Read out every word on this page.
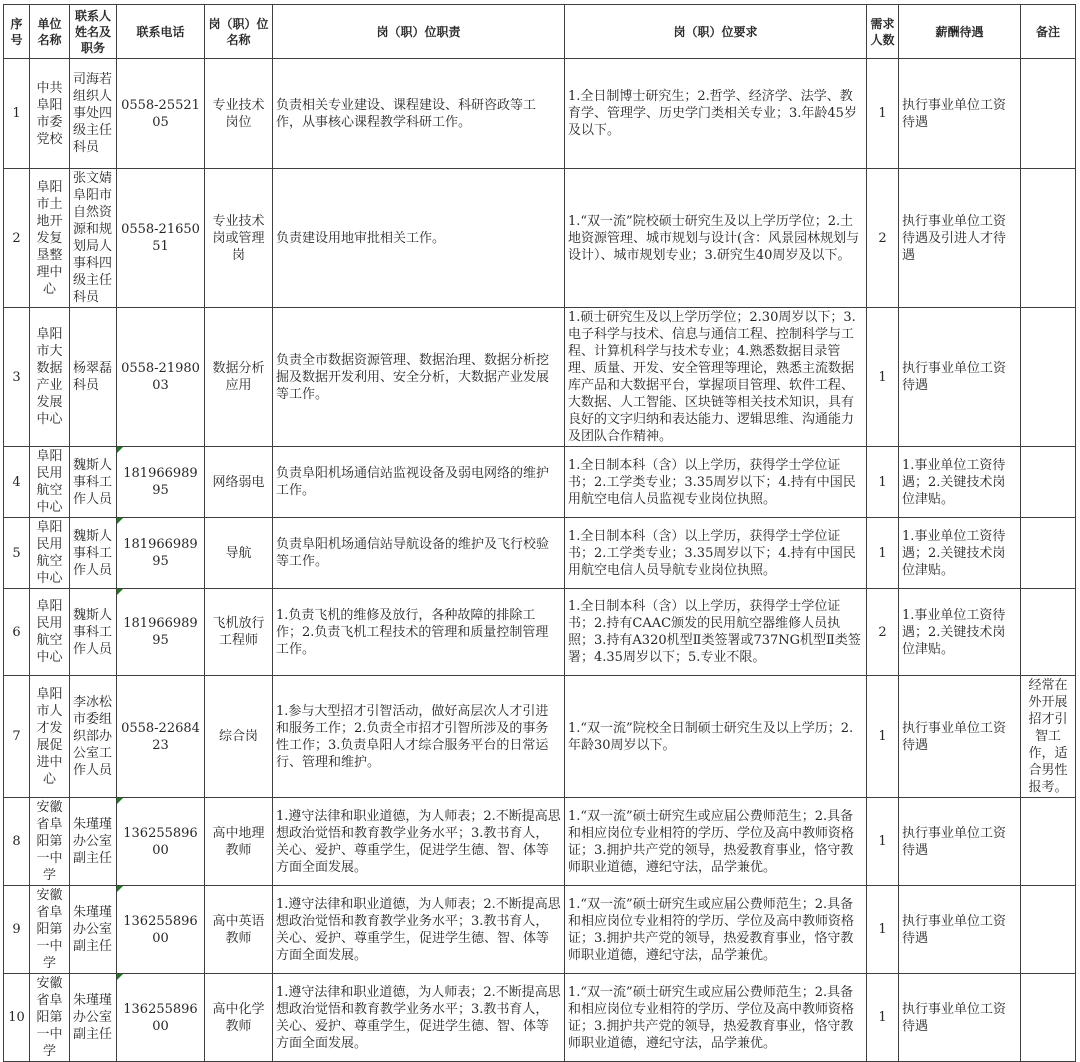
序号	单位名称	联系人姓名及职务	联系电话	岗（职）位名称	岗（职）位职责	岗（职）位要求	需求人数	薪酬待遇	备注
1	中共阜阳市委党校	司海若组织人事处四级主任科员	0558-2552105	专业技术岗位	负责相关专业建设、课程建设、科研咨政等工作，从事核心课程教学科研工作。	1.全日制博士研究生；2.哲学、经济学、法学、教育学、管理学、历史学门类相关专业；3.年龄45岁及以下。	1	执行事业单位工资待遇	
2	阜阳市土地开发复垦整理中心	张文婧阜阳市自然资源和规划局人事科四级主任科员	0558-2165051	专业技术岗或管理岗	负责建设用地审批相关工作。	1.“双一流”院校硕士研究生及以上学历学位；2.土地资源管理、城市规划与设计(含：风景园林规划与设计）、城市规划专业；3.研究生40周岁及以下。	2	执行事业单位工资待遇及引进人才待遇	
3	阜阳市大数据产业发展中心	杨翠磊科员	0558-2198003	数据分析应用	负责全市数据资源管理、数据治理、数据分析挖掘及数据开发利用、安全分析，大数据产业发展等工作。	1.硕士研究生及以上学历学位；2.30周岁以下；3.电子科学与技术、信息与通信工程、控制科学与工程、计算机科学与技术专业；4.熟悉数据目录管理、质量、开发、安全管理等理论，熟悉主流数据库产品和大数据平台，掌握项目管理、软件工程、大数据、人工智能、区块链等相关技术知识，具有良好的文字归纳和表达能力、逻辑思维、沟通能力及团队合作精神。	1	执行事业单位工资待遇	
4	阜阳民用航空中心	魏斯人事科工作人员	18196698995	网络弱电	负责阜阳机场通信站监视设备及弱电网络的维护工作。	1.全日制本科（含）以上学历，获得学士学位证书；2.工学类专业；3.35周岁以下；4.持有中国民用航空电信人员监视专业岗位执照。	1	1.事业单位工资待遇；2.关键技术岗位津贴。	
5	阜阳民用航空中心	魏斯人事科工作人员	18196698995	导航	负责阜阳机场通信站导航设备的维护及飞行校验等工作。	1.全日制本科（含）以上学历，获得学士学位证书；2.工学类专业；3.35周岁以下；4.持有中国民用航空电信人员导航专业岗位执照。	1	1.事业单位工资待遇；2.关键技术岗位津贴。	
6	阜阳民用航空中心	魏斯人事科工作人员	18196698995	飞机放行工程师	1.负责飞机的维修及放行，各种故障的排除工作；2.负责飞机工程技术的管理和质量控制管理工作。	1.全日制本科（含）以上学历，获得学士学位证书；2.持有CAAC颁发的民用航空器维修人员执照；3.持有A320机型Ⅱ类签署或737NG机型Ⅱ类签署；4.35周岁以下；5.专业不限。	2	1.事业单位工资待遇；2.关键技术岗位津贴。	
7	阜阳市人才发展促进中心	李冰松市委组织部办公室工作人员	0558-2268423	综合岗	1.参与大型招才引智活动，做好高层次人才引进和服务工作；2.负责全市招才引智所涉及的事务性工作；3.负责阜阳人才综合服务平台的日常运行、管理和维护。	1.“双一流”院校全日制硕士研究生及以上学历；2.年龄30周岁以下。	1	执行事业单位工资待遇	经常在外开展招才引智工作，适合男性报考。
8	安徽省阜阳第一中学	朱瑾瑾办公室副主任	13625589600	高中地理教师	1.遵守法律和职业道德，为人师表；2.不断提高思想政治觉悟和教育教学业务水平；3.教书育人，关心、爱护、尊重学生，促进学生德、智、体等方面全面发展。	1.“双一流”硕士研究生或应届公费师范生；2.具备和相应岗位专业相符的学历、学位及高中教师资格证；3.拥护共产党的领导，热爱教育事业，恪守教师职业道德，遵纪守法，品学兼优。	1	执行事业单位工资待遇	
9	安徽省阜阳第一中学	朱瑾瑾办公室副主任	13625589600	高中英语教师	1.遵守法律和职业道德，为人师表；2.不断提高思想政治觉悟和教育教学业务水平；3.教书育人，关心、爱护、尊重学生，促进学生德、智、体等方面全面发展。	1.“双一流”硕士研究生或应届公费师范生；2.具备和相应岗位专业相符的学历、学位及高中教师资格证；3.拥护共产党的领导，热爱教育事业，恪守教师职业道德，遵纪守法，品学兼优。	1	执行事业单位工资待遇	
10	安徽省阜阳第一中学	朱瑾瑾办公室副主任	13625589600	高中化学教师	1.遵守法律和职业道德，为人师表；2.不断提高思想政治觉悟和教育教学业务水平；3.教书育人，关心、爱护、尊重学生，促进学生德、智、体等方面全面发展。	1.“双一流”硕士研究生或应届公费师范生；2.具备和相应岗位专业相符的学历、学位及高中教师资格证；3.拥护共产党的领导，热爱教育事业，恪守教师职业道德，遵纪守法，品学兼优。	1	执行事业单位工资待遇	
